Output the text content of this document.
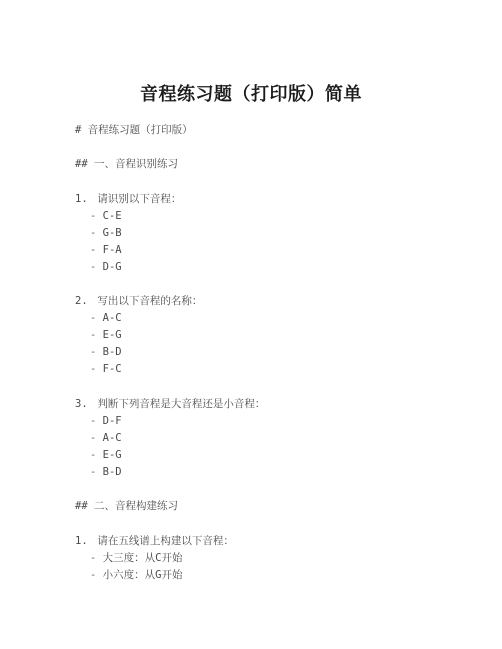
音程练习题（打印版）简单
# 音程练习题（打印版）
## 一、音程识别练习
1. 请识别以下音程：
- C-E
- G-B
- F-A
- D-G
2. 写出以下音程的名称：
- A-C
- E-G
- B-D
- F-C
3. 判断下列音程是大音程还是小音程：
- D-F
- A-C
- E-G
- B-D
## 二、音程构建练习
1. 请在五线谱上构建以下音程：
- 大三度：从C开始
- 小六度：从G开始
